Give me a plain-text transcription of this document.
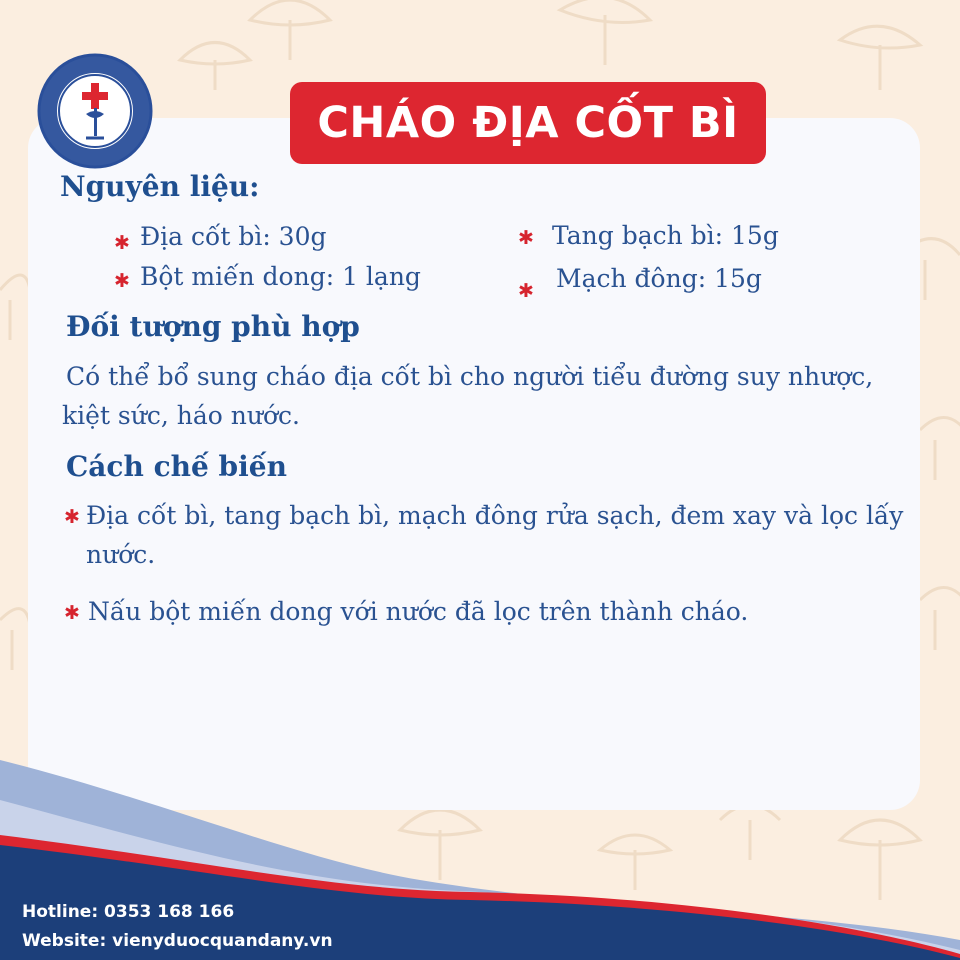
CHÁO ĐỊA CỐT BÌ
Nguyên liệu:
✱ Địa cốt bì: 30g	✱ Tang bạch bì: 15g
✱ Bột miến dong: 1 lạng	✱ Mạch đông: 15g
Đối tượng phù hợp
Có thể bổ sung cháo địa cốt bì cho người tiểu đường suy nhược, kiệt sức, háo nước.
Cách chế biến
✱ Địa cốt bì, tang bạch bì, mạch đông rửa sạch, đem xay và lọc lấy nước.
✱ Nấu bột miến dong với nước đã lọc trên thành cháo.
Hotline: 0353 168 166
Website: vienyduocquandany.vn
